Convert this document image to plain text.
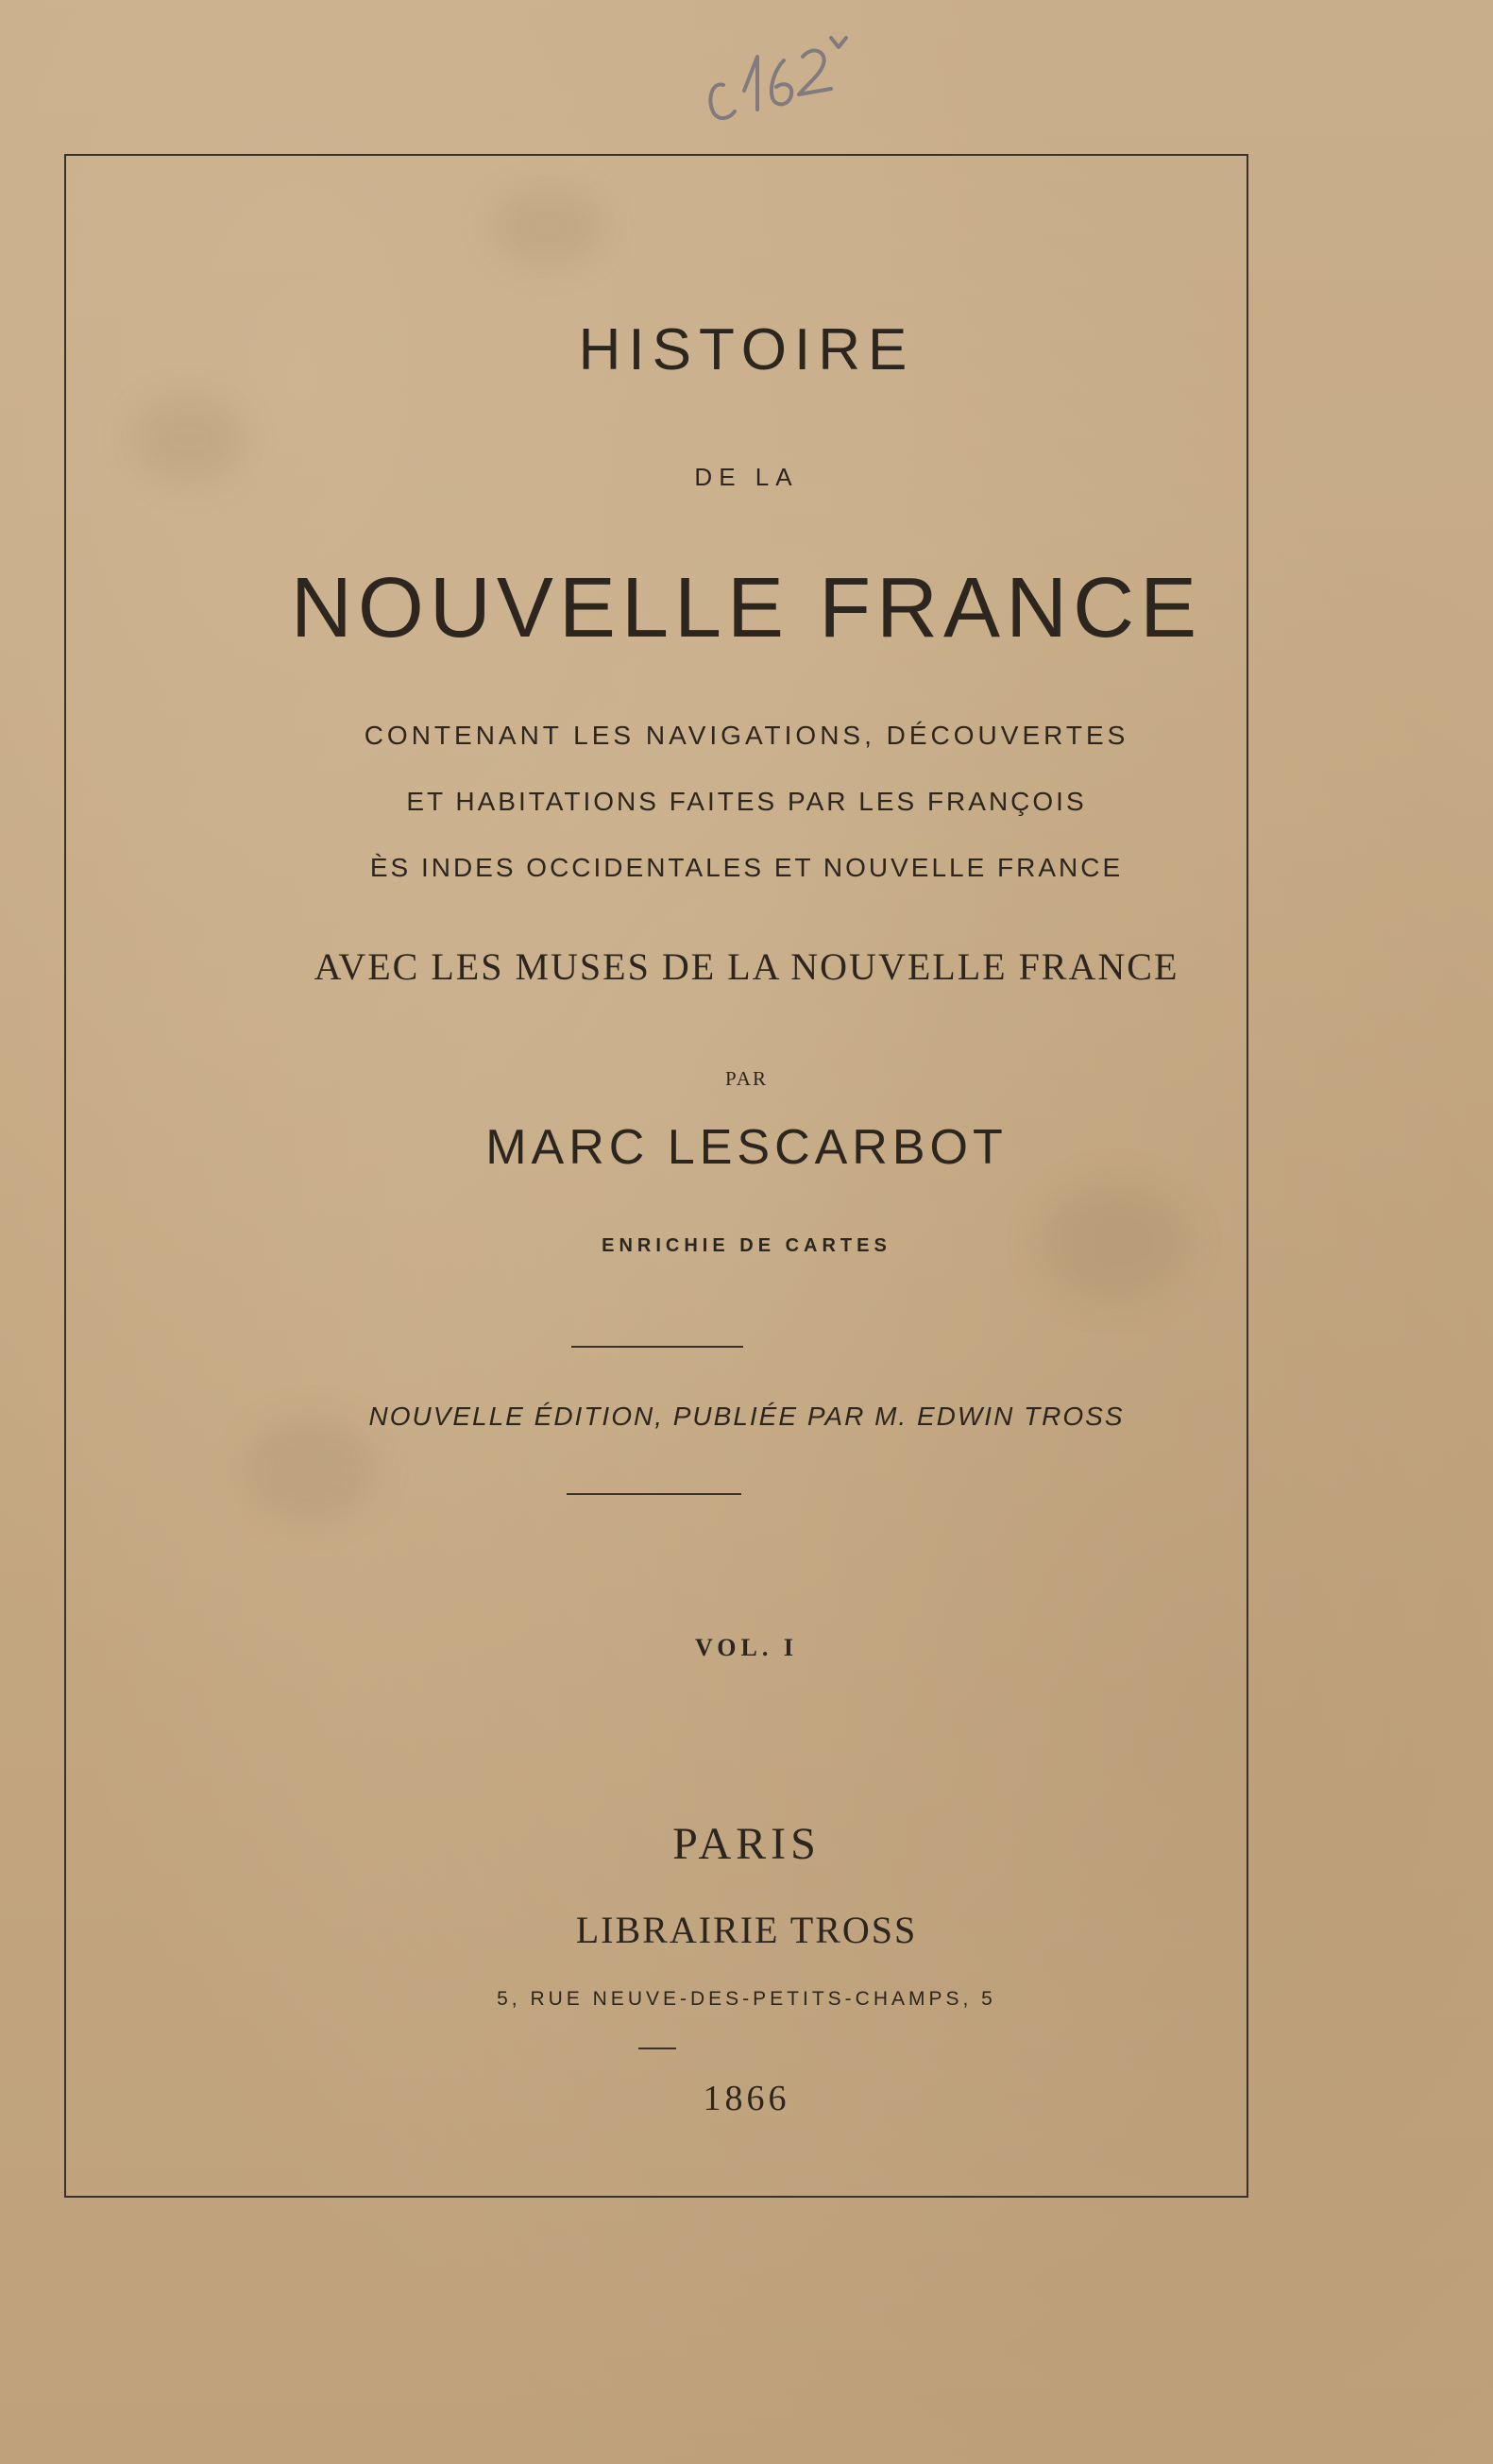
HISTOIRE
DE LA
NOUVELLE FRANCE
CONTENANT LES NAVIGATIONS, DÉCOUVERTES
ET HABITATIONS FAITES PAR LES FRANÇOIS
ÈS INDES OCCIDENTALES ET NOUVELLE FRANCE
AVEC LES MUSES DE LA NOUVELLE FRANCE
PAR
MARC LESCARBOT
ENRICHIE DE CARTES
NOUVELLE ÉDITION, PUBLIÉE PAR M. EDWIN TROSS
VOL. I
PARIS
LIBRAIRIE TROSS
5, RUE NEUVE-DES-PETITS-CHAMPS, 5
1866
